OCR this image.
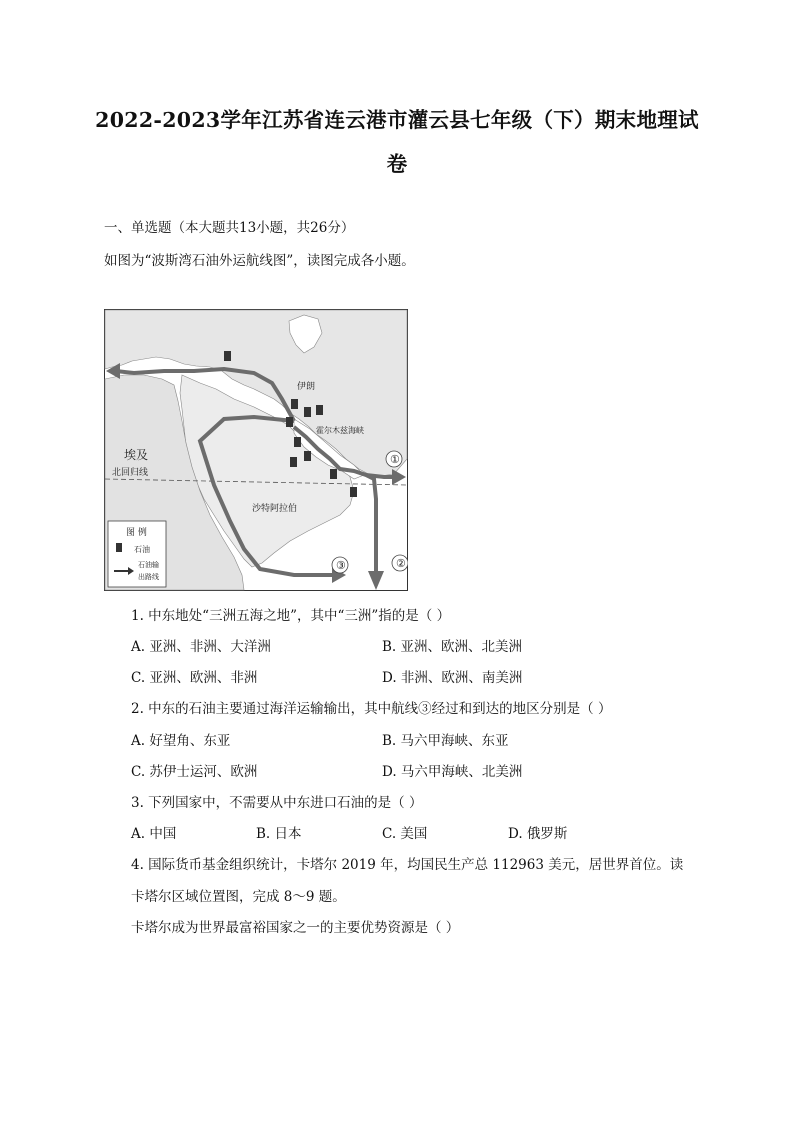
2022-2023学年江苏省连云港市灌云县七年级（下）期末地理试
卷
一、单选题（本大题共13小题，共26分）
如图为“波斯湾石油外运航线图”，读图完成各小题。
伊朗
霍尔木兹海峡
埃及
北回归线
沙特阿拉伯
①
②
③
图 例
石油
石油输
出路线
1. 中东地处“三洲五海之地”，其中“三洲”指的是（ ）
A. 亚洲、非洲、大洋洲	B. 亚洲、欧洲、北美洲
C. 亚洲、欧洲、非洲	D. 非洲、欧洲、南美洲
2. 中东的石油主要通过海洋运输输出，其中航线③经过和到达的地区分别是（ ）
A. 好望角、东亚	B. 马六甲海峡、东亚
C. 苏伊士运河、欧洲	D. 马六甲海峡、北美洲
3. 下列国家中，不需要从中东进口石油的是（ ）
A. 中国	B. 日本	C. 美国	D. 俄罗斯
4. 国际货币基金组织统计，卡塔尔 2019 年，均国民生产总 112963 美元，居世界首位。读
卡塔尔区域位置图，完成 8～9 题。
卡塔尔成为世界最富裕国家之一的主要优势资源是（ ）
